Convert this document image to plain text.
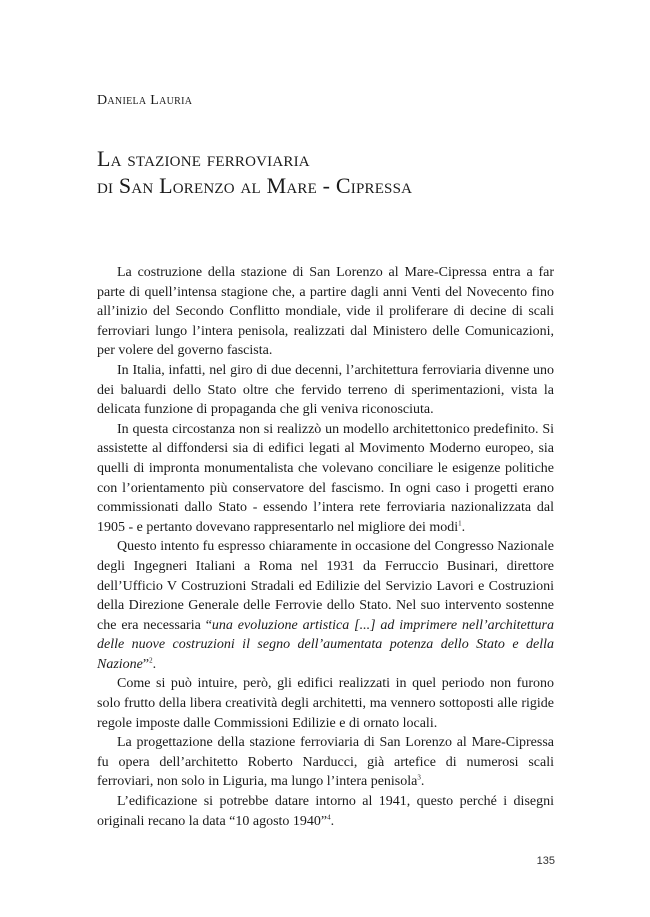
Daniela Lauria
La stazione ferroviaria
di San Lorenzo al Mare - Cipressa

La costruzione della stazione di San Lorenzo al Mare-Cipressa entra a far parte di quell’intensa stagione che, a partire dagli anni Venti del Novecento fino all’inizio del Secondo Conflitto mondiale, vide il proliferare di decine di scali ferroviari lungo l’intera penisola, realizzati dal Ministero delle Comunicazioni, per volere del governo fascista.

In Italia, infatti, nel giro di due decenni, l’architettura ferroviaria divenne uno dei baluardi dello Stato oltre che fervido terreno di sperimentazioni, vista la delicata funzione di propaganda che gli veniva riconosciuta.

In questa circostanza non si realizzò un modello architettonico predefinito. Si assistette al diffondersi sia di edifici legati al Movimento Moderno europeo, sia quelli di impronta monumentalista che volevano conciliare le esigenze politiche con l’orientamento più conservatore del fascismo. In ogni caso i progetti erano commissionati dallo Stato - essendo l’intera rete ferroviaria nazionalizzata dal 1905 - e pertanto dovevano rappresentarlo nel migliore dei modi$^1$.

Questo intento fu espresso chiaramente in occasione del Congresso Nazionale degli Ingegneri Italiani a Roma nel 1931 da Ferruccio Businari, direttore dell’Ufficio V Costruzioni Stradali ed Edilizie del Servizio Lavori e Costruzioni della Direzione Generale delle Ferrovie dello Stato. Nel suo intervento sostenne che era necessaria “una evoluzione artistica [...] ad imprimere nell’architettura delle nuove costruzioni il segno dell’aumentata potenza dello Stato e della Nazione”$^2$.

Come si può intuire, però, gli edifici realizzati in quel periodo non furono solo frutto della libera creatività degli architetti, ma vennero sottoposti alle rigide regole imposte dalle Commissioni Edilizie e di ornato locali.

La progettazione della stazione ferroviaria di San Lorenzo al Mare-Cipressa fu opera dell’architetto Roberto Narducci, già artefice di numerosi scali ferroviari, non solo in Liguria, ma lungo l’intera penisola$^3$.

L’edificazione si potrebbe datare intorno al 1941, questo perché i disegni originali recano la data “10 agosto 1940”$^4$.

135
